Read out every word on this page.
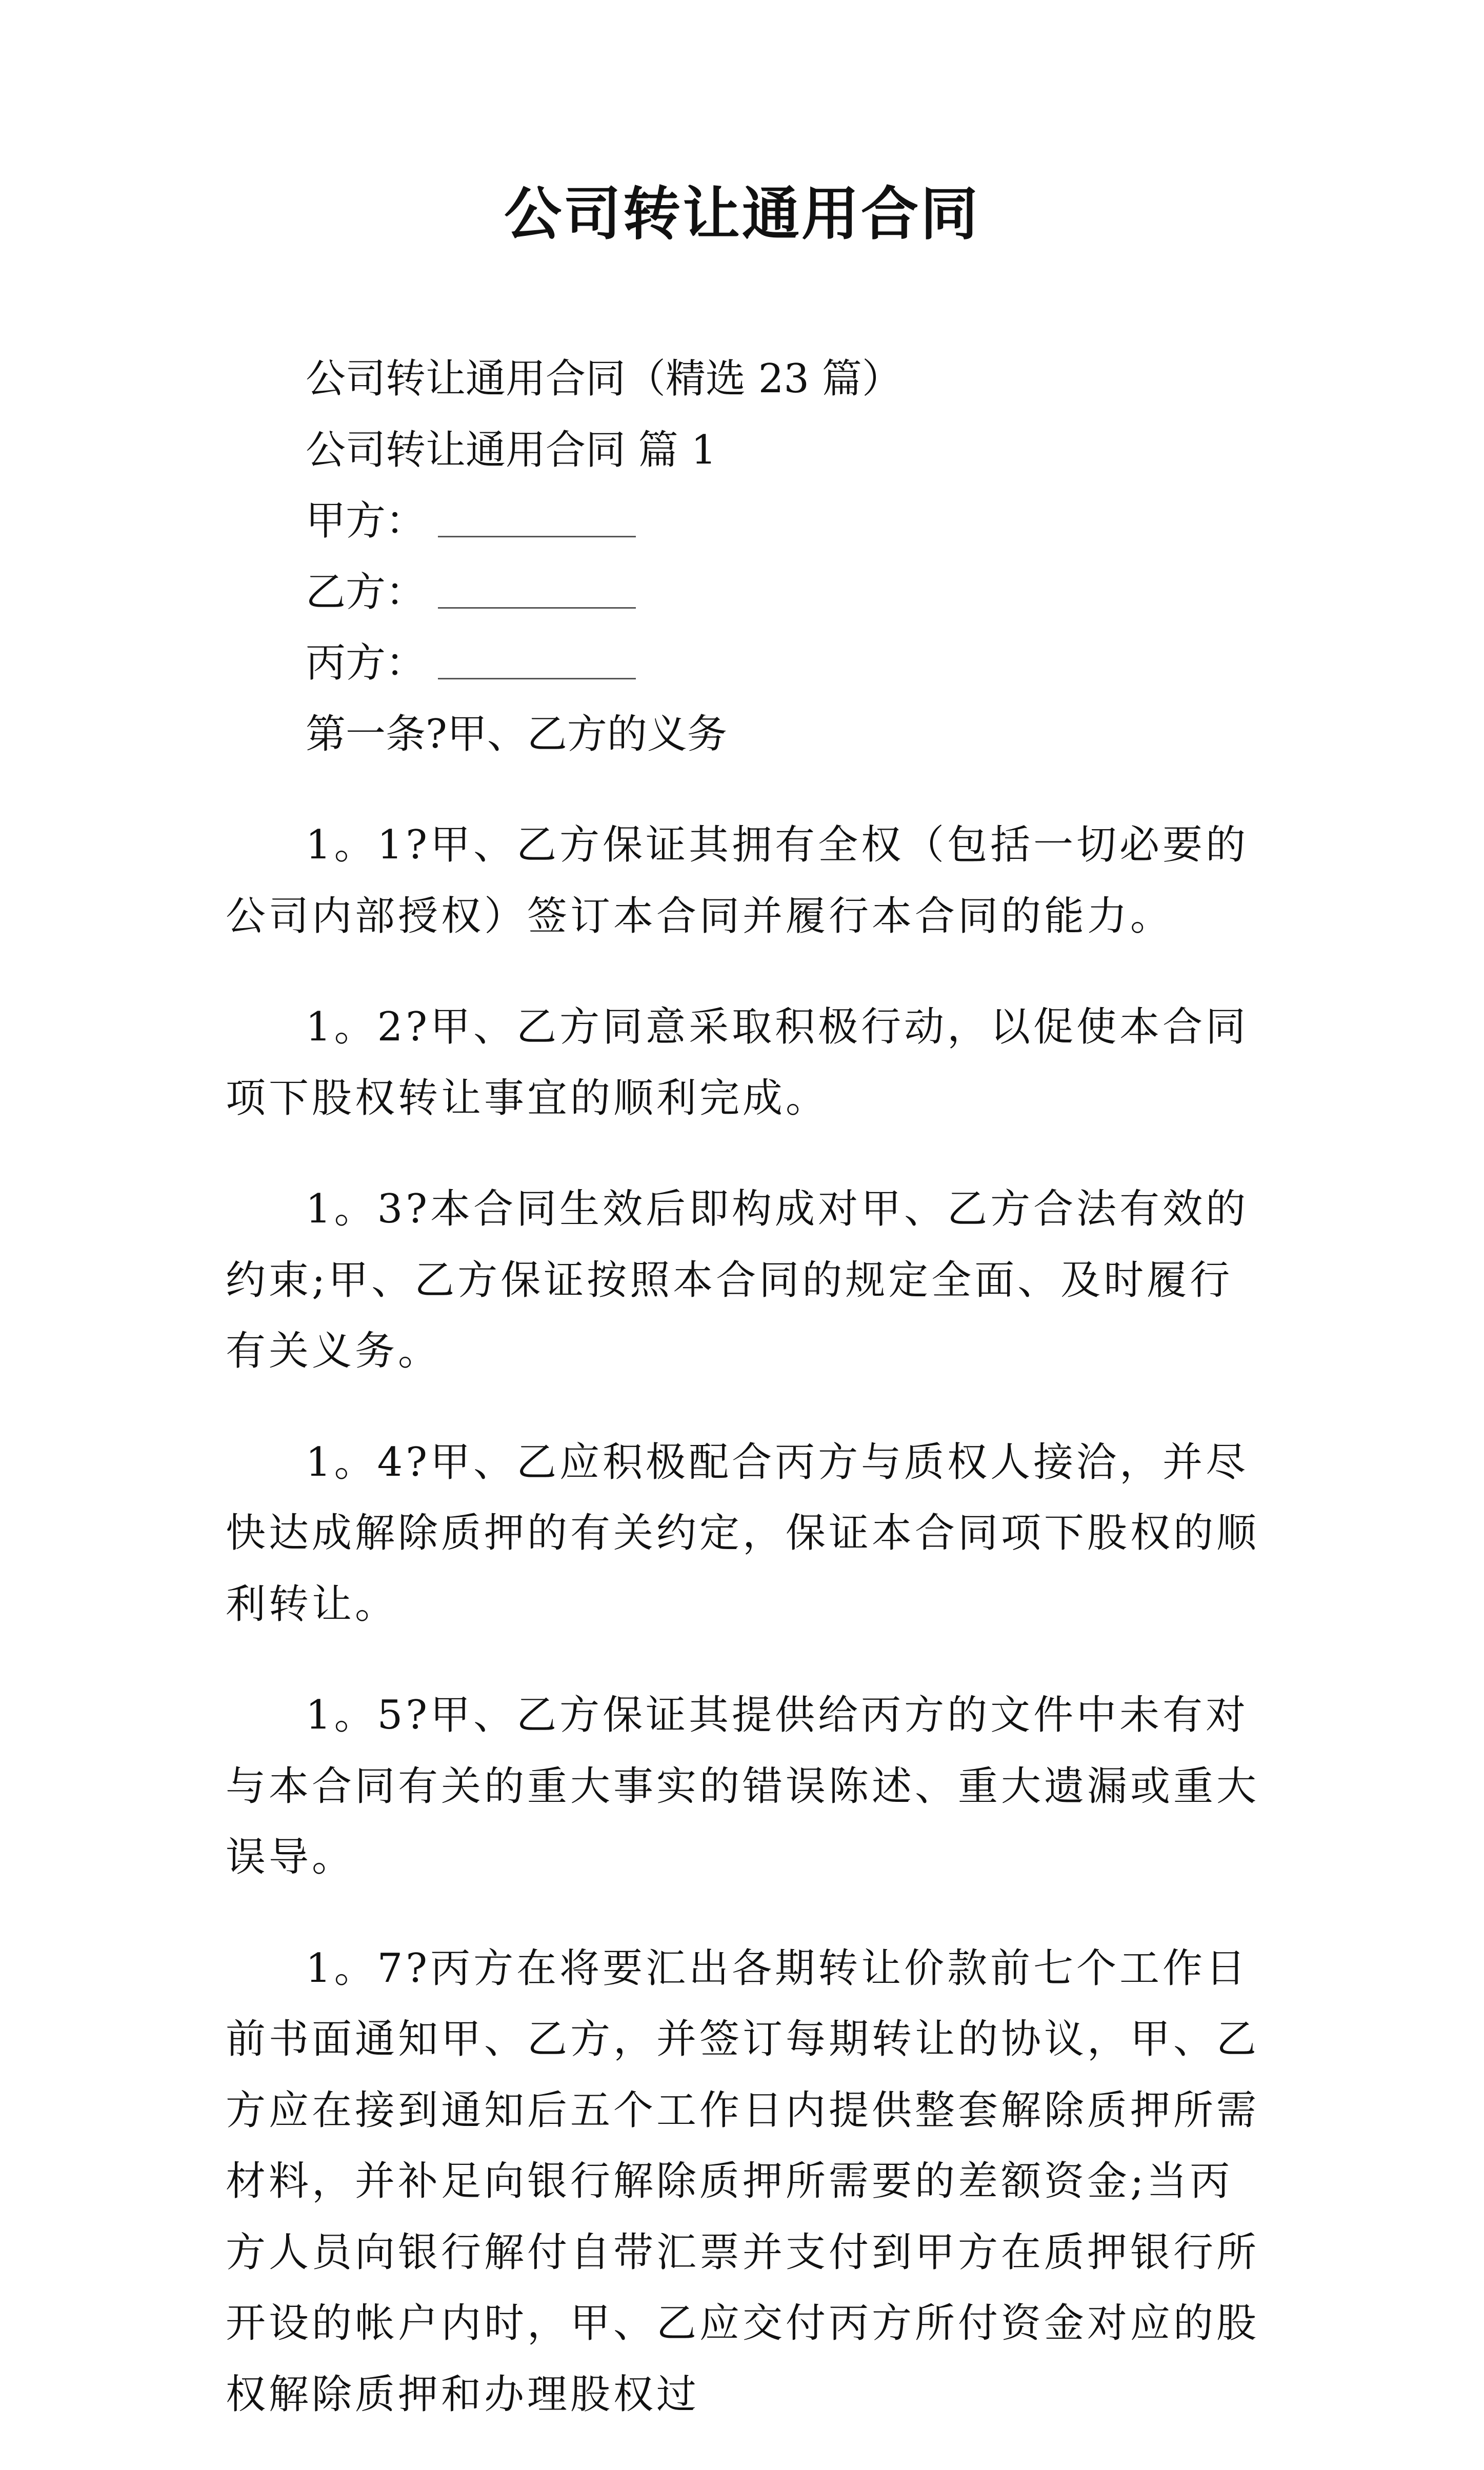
公司转让通用合同

公司转让通用合同（精选 23 篇）

公司转让通用合同 篇 1

甲方：

乙方：

丙方：

第一条?甲、乙方的义务

1。1?甲、乙方保证其拥有全权（包括一切必要的公司内部授权）签订本合同并履行本合同的能力。

1。2?甲、乙方同意采取积极行动，以促使本合同项下股权转让事宜的顺利完成。

1。3?本合同生效后即构成对甲、乙方合法有效的约束;甲、乙方保证按照本合同的规定全面、及时履行有关义务。

1。4?甲、乙应积极配合丙方与质权人接洽，并尽快达成解除质押的有关约定，保证本合同项下股权的顺利转让。

1。5?甲、乙方保证其提供给丙方的文件中未有对与本合同有关的重大事实的错误陈述、重大遗漏或重大误导。

1。7?丙方在将要汇出各期转让价款前七个工作日前书面通知甲、乙方，并签订每期转让的协议，甲、乙方应在接到通知后五个工作日内提供整套解除质押所需材料，并补足向银行解除质押所需要的差额资金;当丙方人员向银行解付自带汇票并支付到甲方在质押银行所开设的帐户内时，甲、乙应交付丙方所付资金对应的股权解除质押和办理股权过
